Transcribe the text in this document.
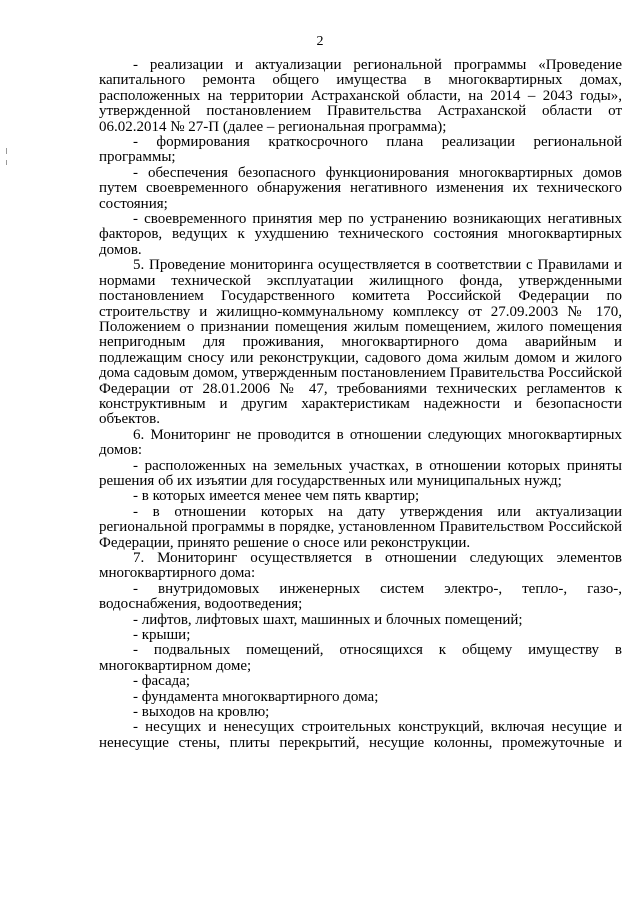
2

- реализации и актуализации региональной программы «Проведение капитального ремонта общего имущества в многоквартирных домах, расположенных на территории Астраханской области, на 2014 – 2043 годы», утвержденной постановлением Правительства Астраханской области от 06.02.2014 № 27-П (далее – региональная программа);

- формирования краткосрочного плана реализации региональной программы;

- обеспечения безопасного функционирования многоквартирных домов путем своевременного обнаружения негативного изменения их технического состояния;

- своевременного принятия мер по устранению возникающих негативных факторов, ведущих к ухудшению технического состояния многоквартирных домов.

5. Проведение мониторинга осуществляется в соответствии с Правилами и нормами технической эксплуатации жилищного фонда, утвержденными постановлением Государственного комитета Российской Федерации по строительству и жилищно-коммунальному комплексу от 27.09.2003 № 170, Положением о признании помещения жилым помещением, жилого помещения непригодным для проживания, многоквартирного дома аварийным и подлежащим сносу или реконструкции, садового дома жилым домом и жилого дома садовым домом, утвержденным постановлением Правительства Российской Федерации от 28.01.2006 № 47, требованиями технических регламентов к конструктивным и другим характеристикам надежности и безопасности объектов.

6. Мониторинг не проводится в отношении следующих многоквартирных домов:

- расположенных на земельных участках, в отношении которых приняты решения об их изъятии для государственных или муниципальных нужд;

- в которых имеется менее чем пять квартир;

- в отношении которых на дату утверждения или актуализации региональной программы в порядке, установленном Правительством Российской Федерации, принято решение о сносе или реконструкции.

7. Мониторинг осуществляется в отношении следующих элементов многоквартирного дома:

- внутридомовых инженерных систем электро-, тепло-, газо-, водоснабжения, водоотведения;

- лифтов, лифтовых шахт, машинных и блочных помещений;

- крыши;

- подвальных помещений, относящихся к общему имуществу в многоквартирном доме;

- фасада;

- фундамента многоквартирного дома;

- выходов на кровлю;

- несущих и ненесущих строительных конструкций, включая несущие и ненесущие стены, плиты перекрытий, несущие колонны, промежуточные и
